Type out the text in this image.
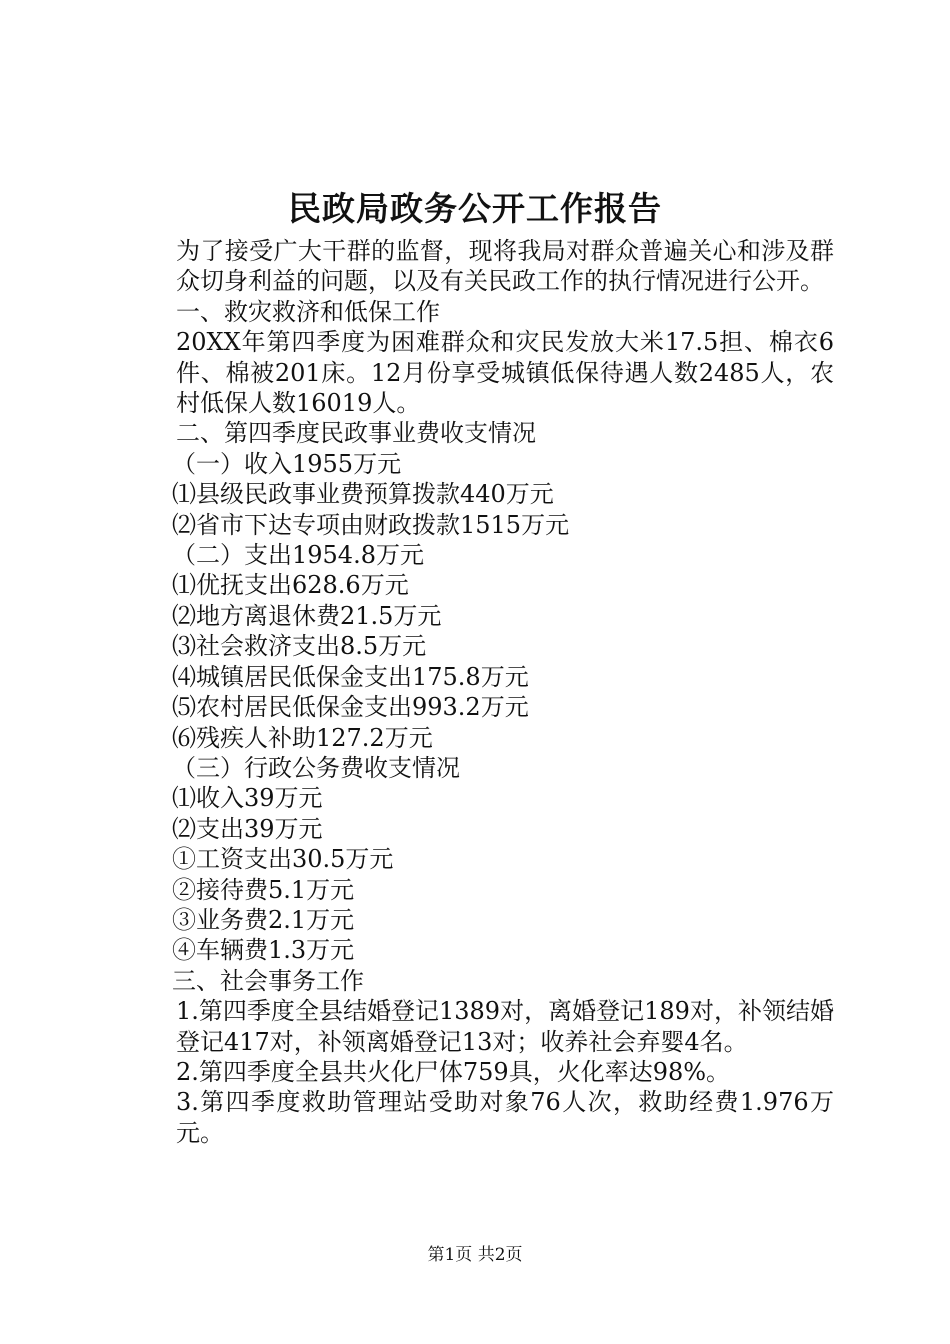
民政局政务公开工作报告

为了接受广大干群的监督，现将我局对群众普遍关心和涉及群众切身利益的问题，以及有关民政工作的执行情况进行公开。

一、救灾救济和低保工作

20XX年第四季度为困难群众和灾民发放大米17.5担、棉衣6件、棉被201床。12月份享受城镇低保待遇人数2485人，农村低保人数16019人。

二、第四季度民政事业费收支情况

（一）收入1955万元

⑴县级民政事业费预算拨款440万元

⑵省市下达专项由财政拨款1515万元

（二）支出1954.8万元

⑴优抚支出628.6万元

⑵地方离退休费21.5万元

⑶社会救济支出8.5万元

⑷城镇居民低保金支出175.8万元

⑸农村居民低保金支出993.2万元

⑹残疾人补助127.2万元

（三）行政公务费收支情况

⑴收入39万元

⑵支出39万元

①工资支出30.5万元

②接待费5.1万元

③业务费2.1万元

④车辆费1.3万元

三、社会事务工作

1.第四季度全县结婚登记1389对，离婚登记189对，补领结婚登记417对，补领离婚登记13对；收养社会弃婴4名。

2.第四季度全县共火化尸体759具，火化率达98%。

3.第四季度救助管理站受助对象76人次，救助经费1.976万元。

第1页 共2页
